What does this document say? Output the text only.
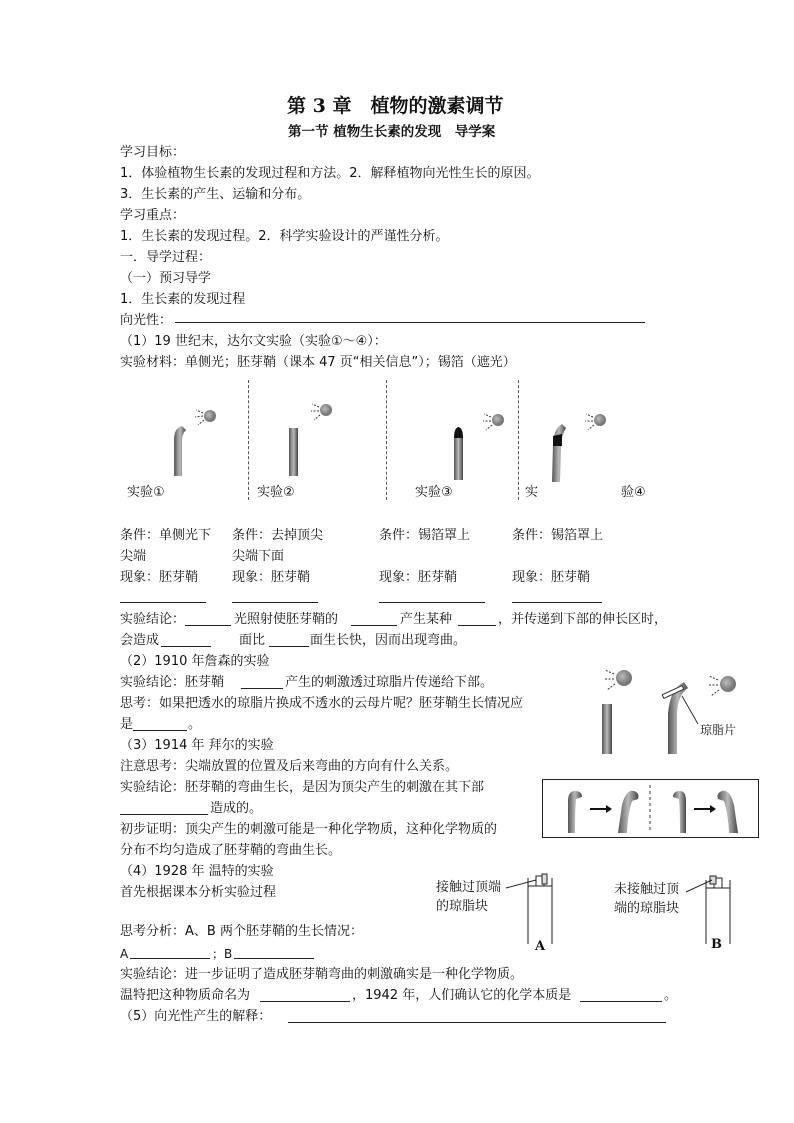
第 3 章　植物的激素调节
第一节 植物生长素的发现　导学案
学习目标：
1．体验植物生长素的发现过程和方法。2．解释植物向光性生长的原因。
3．生长素的产生、运输和分布。
学习重点：
1．生长素的发现过程。2．科学实验设计的严谨性分析。
一．导学过程：
（一）预习导学
1．生长素的发现过程
向光性：
（1）19 世纪末，达尔文实验（实验①～④）：
实验材料：单侧光；胚芽鞘（课本 47 页“相关信息”）；锡箔（遮光）
实验①	实验②	实验③	实	验④
条件：单侧光下 条件：去掉顶尖	条件：锡箔罩上	条件：锡箔罩上
尖端	尖端下面
现象：胚芽鞘	现象：胚芽鞘	现象：胚芽鞘	现象：胚芽鞘
实验结论：	光照射使胚芽鞘的	产生某种	，并传递到下部的伸长区时，
会造成	面比	面生长快，因而出现弯曲。
（2）1910 年詹森的实验
实验结论：胚芽鞘	产生的刺激透过琼脂片传递给下部。
思考：如果把透水的琼脂片换成不透水的云母片呢？胚芽鞘生长情况应
是	。	琼脂片
（3）1914 年 拜尔的实验
注意思考：尖端放置的位置及后来弯曲的方向有什么关系。
实验结论：胚芽鞘的弯曲生长，是因为顶尖产生的刺激在其下部
造成的。
初步证明：顶尖产生的刺激可能是一种化学物质，这种化学物质的
分布不均匀造成了胚芽鞘的弯曲生长。
（4）1928 年 温特的实验
首先根据课本分析实验过程	接触过顶端
的琼脂块
未接触过顶
端的琼脂块
A	B
思考分析：A、B 两个胚芽鞘的生长情况：
A	；B
实验结论：进一步证明了造成胚芽鞘弯曲的刺激确实是一种化学物质。
温特把这种物质命名为	，1942 年，人们确认它的化学本质是	。
（5）向光性产生的解释：
